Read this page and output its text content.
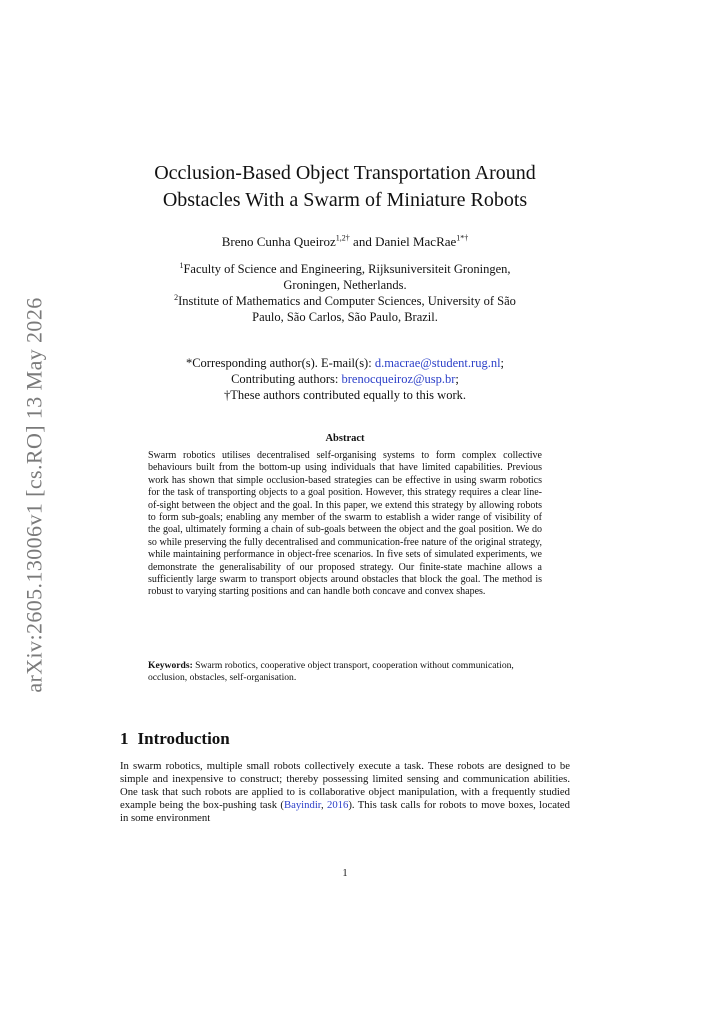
arXiv:2605.13006v1 [cs.RO] 13 May 2026
Occlusion-Based Object Transportation Around
Obstacles With a Swarm of Miniature Robots
Breno Cunha Queiroz$^{1,2\dagger}$ and Daniel MacRae$^{1*\dagger}$
$^1$Faculty of Science and Engineering, Rijksuniversiteit Groningen,
Groningen, Netherlands.
$^2$Institute of Mathematics and Computer Sciences, University of São
Paulo, São Carlos, São Paulo, Brazil.
*Corresponding author(s). E-mail(s): d.macrae@student.rug.nl;
Contributing authors: brenocqueiroz@usp.br;
†These authors contributed equally to this work.
Abstract
Swarm robotics utilises decentralised self-organising systems to form complex collective behaviours built from the bottom-up using individuals that have limited capabilities. Previous work has shown that simple occlusion-based strategies can be effective in using swarm robotics for the task of transporting objects to a goal position. However, this strategy requires a clear line-of-sight between the object and the goal. In this paper, we extend this strategy by allowing robots to form sub-goals; enabling any member of the swarm to establish a wider range of visibility of the goal, ultimately forming a chain of sub-goals between the object and the goal position. We do so while preserving the fully decentralised and communication-free nature of the original strategy, while maintaining performance in object-free scenarios. In five sets of simulated experiments, we demonstrate the generalisability of our proposed strategy. Our finite-state machine allows a sufficiently large swarm to transport objects around obstacles that block the goal. The method is robust to varying starting positions and can handle both concave and convex shapes.
Keywords: Swarm robotics, cooperative object transport, cooperation without communication, occlusion, obstacles, self-organisation.
1 Introduction
In swarm robotics, multiple small robots collectively execute a task. These robots are designed to be simple and inexpensive to construct; thereby possessing limited sensing and communication abilities. One task that such robots are applied to is collaborative object manipulation, with a frequently studied example being the box-pushing task (Bayindir, 2016). This task calls for robots to move boxes, located in some environment
1
